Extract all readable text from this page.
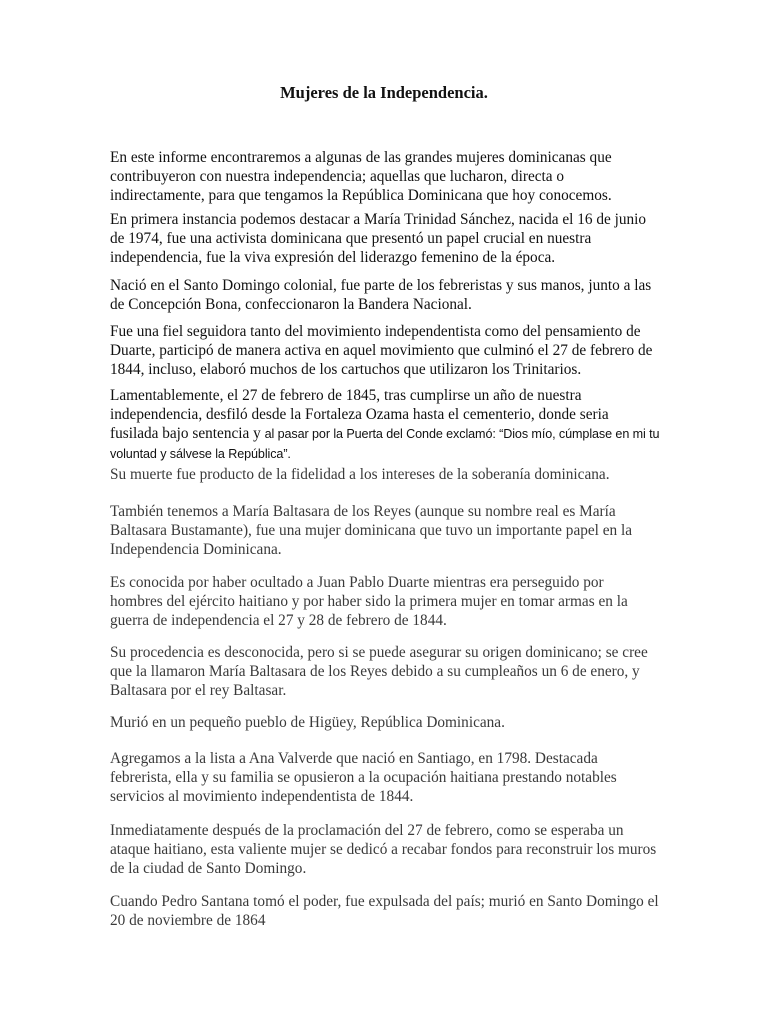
Mujeres de la Independencia.

En este informe encontraremos a algunas de las grandes mujeres dominicanas que contribuyeron con nuestra independencia; aquellas que lucharon, directa o indirectamente, para que tengamos la República Dominicana que hoy conocemos.

En primera instancia podemos destacar a María Trinidad Sánchez, nacida el 16 de junio de 1974, fue una activista dominicana que presentó un papel crucial en nuestra independencia, fue la viva expresión del liderazgo femenino de la época.

Nació en el Santo Domingo colonial, fue parte de los febreristas y sus manos, junto a las de Concepción Bona, confeccionaron la Bandera Nacional.

Fue una fiel seguidora tanto del movimiento independentista como del pensamiento de Duarte, participó de manera activa en aquel movimiento que culminó el 27 de febrero de 1844, incluso, elaboró muchos de los cartuchos que utilizaron los Trinitarios.

Lamentablemente, el 27 de febrero de 1845, tras cumplirse un año de nuestra independencia, desfiló desde la Fortaleza Ozama hasta el cementerio, donde seria fusilada bajo sentencia y al pasar por la Puerta del Conde exclamó: “Dios mío, cúmplase en mi tu voluntad y sálvese la República”.

Su muerte fue producto de la fidelidad a los intereses de la soberanía dominicana.

También tenemos a María Baltasara de los Reyes (aunque su nombre real es María Baltasara Bustamante), fue una mujer dominicana que tuvo un importante papel en la Independencia Dominicana.

Es conocida por haber ocultado a Juan Pablo Duarte mientras era perseguido por hombres del ejército haitiano y por haber sido la primera mujer en tomar armas en la guerra de independencia el 27 y 28 de febrero de 1844.

Su procedencia es desconocida, pero si se puede asegurar su origen dominicano; se cree que la llamaron María Baltasara de los Reyes debido a su cumpleaños un 6 de enero, y Baltasara por el rey Baltasar.

Murió en un pequeño pueblo de Higüey, República Dominicana.

Agregamos a la lista a Ana Valverde que nació en Santiago, en 1798. Destacada febrerista, ella y su familia se opusieron a la ocupación haitiana prestando notables servicios al movimiento independentista de 1844.

Inmediatamente después de la proclamación del 27 de febrero, como se esperaba un ataque haitiano, esta valiente mujer se dedicó a recabar fondos para reconstruir los muros de la ciudad de Santo Domingo.

Cuando Pedro Santana tomó el poder, fue expulsada del país; murió en Santo Domingo el 20 de noviembre de 1864
